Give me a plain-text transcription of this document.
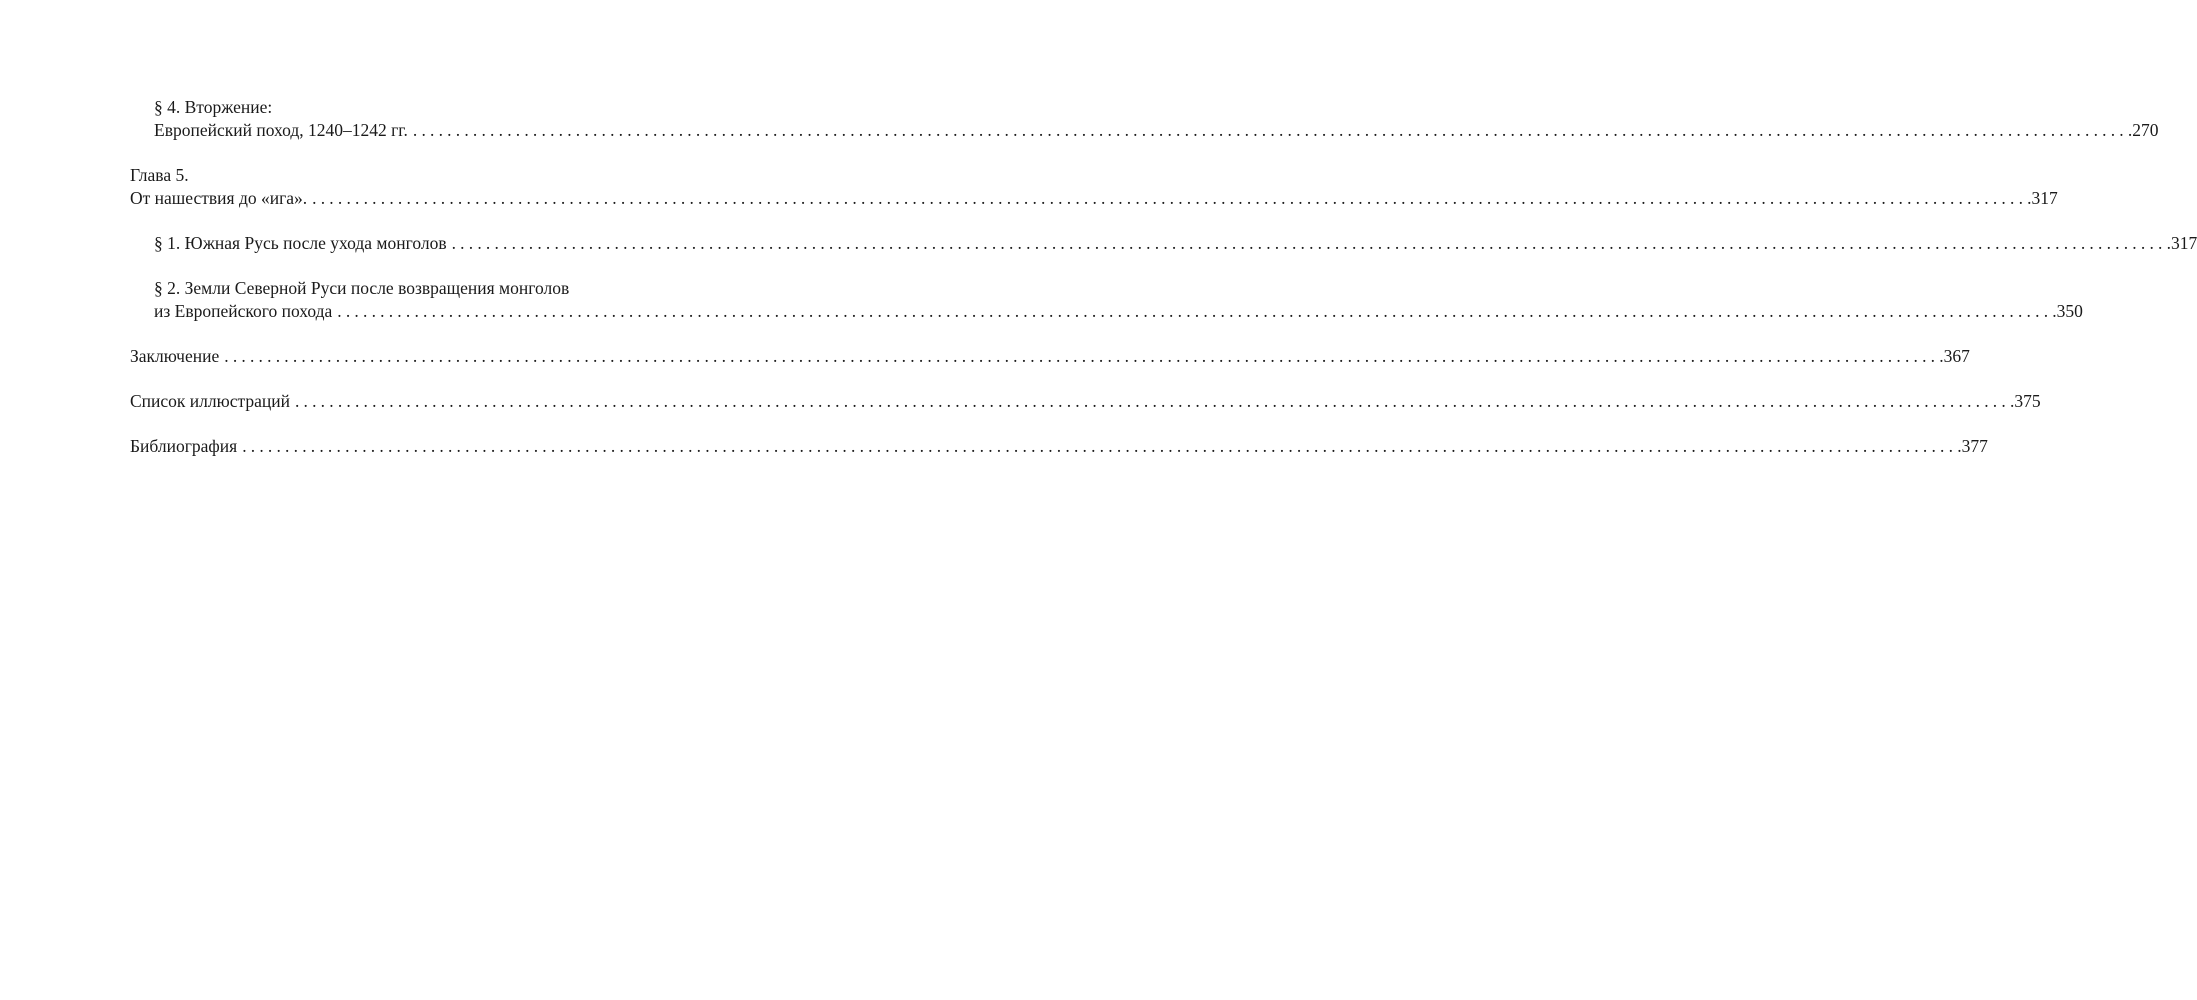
§ 4. Вторжение:
Европейский поход, 1240–1242 гг. ........................................................................................................................................................................................................ .270
Глава 5.
От нашествия до «ига». ........................................................................................................................................................................................................ .317
§ 1. Южная Русь после ухода монголов ........................................................................................................................................................................................................ .317
§ 2. Земли Северной Руси после возвращения монголов
из Европейского похода ........................................................................................................................................................................................................ .350
Заключение ........................................................................................................................................................................................................ .367
Список иллюстраций ........................................................................................................................................................................................................ .375
Библиография ........................................................................................................................................................................................................ .377
